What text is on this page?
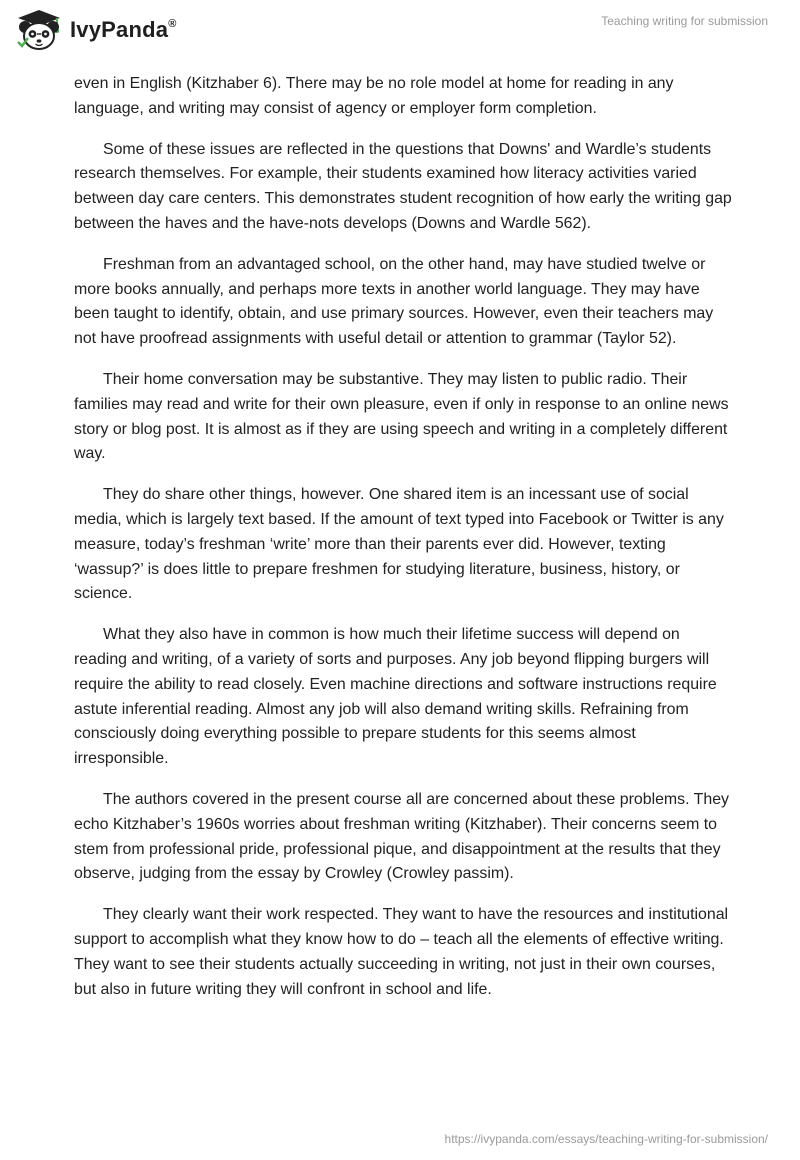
IvyPanda®	Teaching writing for submission

even in English (Kitzhaber 6). There may be no role model at home for reading in any language, and writing may consist of agency or employer form completion.

Some of these issues are reflected in the questions that Downs' and Wardle’s students research themselves. For example, their students examined how literacy activities varied between day care centers. This demonstrates student recognition of how early the writing gap between the haves and the have-nots develops (Downs and Wardle 562).

Freshman from an advantaged school, on the other hand, may have studied twelve or more books annually, and perhaps more texts in another world language. They may have been taught to identify, obtain, and use primary sources. However, even their teachers may not have proofread assignments with useful detail or attention to grammar (Taylor 52).

Their home conversation may be substantive. They may listen to public radio. Their families may read and write for their own pleasure, even if only in response to an online news story or blog post. It is almost as if they are using speech and writing in a completely different way.

They do share other things, however. One shared item is an incessant use of social media, which is largely text based. If the amount of text typed into Facebook or Twitter is any measure, today’s freshman ‘write’ more than their parents ever did. However, texting ‘wassup?’ is does little to prepare freshmen for studying literature, business, history, or science.

What they also have in common is how much their lifetime success will depend on reading and writing, of a variety of sorts and purposes. Any job beyond flipping burgers will require the ability to read closely. Even machine directions and software instructions require astute inferential reading. Almost any job will also demand writing skills. Refraining from consciously doing everything possible to prepare students for this seems almost irresponsible.

The authors covered in the present course all are concerned about these problems. They echo Kitzhaber’s 1960s worries about freshman writing (Kitzhaber). Their concerns seem to stem from professional pride, professional pique, and disappointment at the results that they observe, judging from the essay by Crowley (Crowley passim).

They clearly want their work respected. They want to have the resources and institutional support to accomplish what they know how to do – teach all the elements of effective writing. They want to see their students actually succeeding in writing, not just in their own courses, but also in future writing they will confront in school and life.

https://ivypanda.com/essays/teaching-writing-for-submission/
